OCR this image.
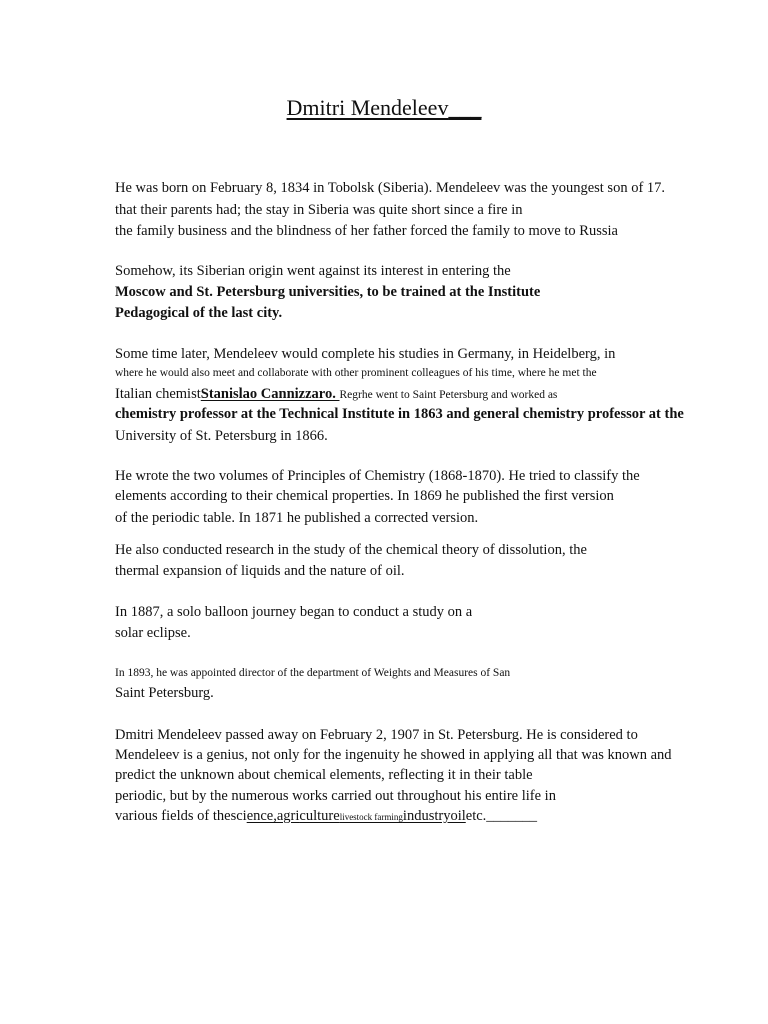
Dmitri Mendeleev___
He was born on February 8, 1834 in Tobolsk (Siberia). Mendeleev was the youngest son of 17.
that their parents had; the stay in Siberia was quite short since a fire in
the family business and the blindness of her father forced the family to move to Russia
Somehow, its Siberian origin went against its interest in entering the
Moscow and St. Petersburg universities, to be trained at the Institute
Pedagogical of the last city.
Some time later, Mendeleev would complete his studies in Germany, in Heidelberg, in
where he would also meet and collaborate with other prominent colleagues of his time, where he met the
Italian chemistStanislao Cannizzaro. Regrhe went to Saint Petersburg and worked as
chemistry professor at the Technical Institute in 1863 and general chemistry professor at the
University of St. Petersburg in 1866.
He wrote the two volumes of Principles of Chemistry (1868-1870). He tried to classify the
elements according to their chemical properties. In 1869 he published the first version
of the periodic table. In 1871 he published a corrected version.
He also conducted research in the study of the chemical theory of dissolution, the
thermal expansion of liquids and the nature of oil.
In 1887, a solo balloon journey began to conduct a study on a
solar eclipse.
In 1893, he was appointed director of the department of Weights and Measures of San
Saint Petersburg.
Dmitri Mendeleev passed away on February 2, 1907 in St. Petersburg. He is considered to
Mendeleev is a genius, not only for the ingenuity he showed in applying all that was known and
predict the unknown about chemical elements, reflecting it in their table
periodic, but by the numerous works carried out throughout his entire life in
various fields of thescience,agriculturelivestock farmingindustryoiletc._______
